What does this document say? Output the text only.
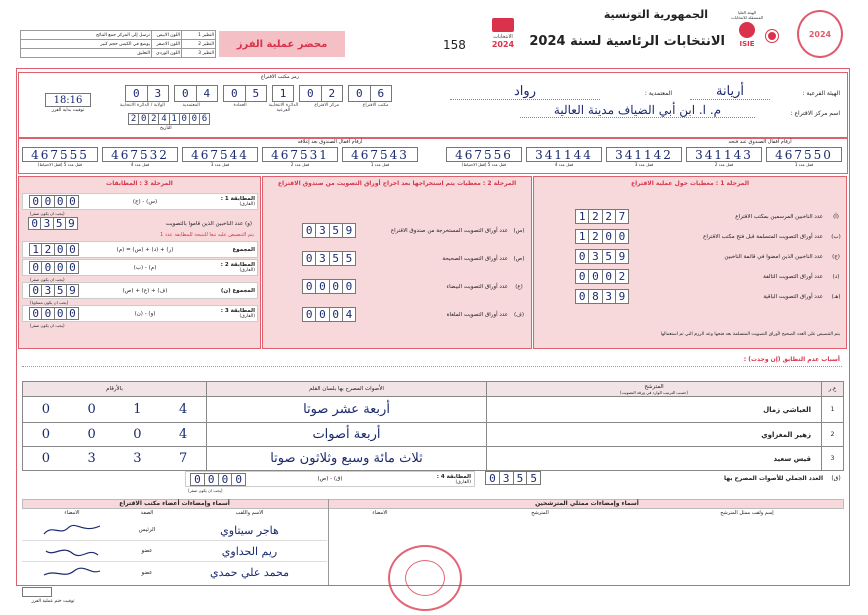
الجمهورية التونسية
الانتخابات الرئاسية لسنة 2024
158
الانتخابات
2024
الهيئة العليا المستقلة للانتخابات
ISIE
2024
محضر عملية الفرز
النظير 1	اللون الابيض	ترسل إلى المركز جمع النتائج
النظير 2	اللون الاصفر	يوضع في الكيس حجم كبير
النظير 3	اللون الوردي	التعليق
رمز مكتب الاقتراع
0	3	0	4	0	5	1	0	2	0	6
الولاية / الدائرة الانتخابية	المعتمدية	العمادة	الدائرة الانتخابية الفرعية
مركز الاقتراع	مكتب الاقتراع
18:16
توقيت بداية الفرز
2 0 2 4 1 0 0 6
التاريخ
الهيئة الفرعية :
أريانة
المعتمدية :
رواد
اسم مركز الاقتراع :
م. ا. ابن أبي الضياف مدينة العالية
أرقام أقفال الصندوق بعد إغلاقه	أرقام أقفال الصندوق عند فتحه
467555
قفل عدد 5 (قفل الاحتياط)
467532
قفل عدد 4
467544
قفل عدد 3
467531
قفل عدد 2
467543
قفل عدد 1
467556
قفل عدد 5 (قفل الاحتياط)
341144
قفل عدد 4
341142
قفل عدد 3
341143
قفل عدد 2
467550
قفل عدد 1
المرحلة 1 : معطيات حول عملية الاقتراع
1 2 2 7	عدد الناخبين المرسمين بمكتب الاقتراع	(أ)
1 2 0 0	عدد أوراق التصويت المتسلمة قبل فتح مكتب الاقتراع	(ب)
0 3 5 9	عدد الناخبين الذين امضوا في قائمة الناخبين	(ج)
0 0 0 2	عدد أوراق التصويت التالفة	(د)
0 8 3 9	عدد أوراق التصويت الباقية	(هـ)
يتم التنصيص على العدد الصحيح لأوراق التصويت المتسلمة بعد فتحها وعد الرزم التي تم استعمالها
المرحلة 2 : معطيات يتم استخراجها بعد اخراج أوراق التصويت من صندوق الاقتراع
0 3 5 9	عدد أوراق التصويت المستخرجة من صندوق الاقتراع (س)
0 3 5 5	عدد أوراق التصويت الصحيحة	(ص)
0 0 0 0	عدد أوراق التصويت البيضاء	(ع)
0 0 0 4	عدد أوراق التصويت الملغاة	(ف)
المرحلة 3 : المطابقات
0 0 0 0	(ج) - (س)	المطابقة 1 :
(الفارق)
(يجب ان يكون صفر)
0 3 5 9	(و) عدد الناخبين الذين قاموا بالتصويت
يتم التنصيص عليه تبعا للنتيجة للمطابقة عدد 1
1 2 0 0	(م) = (س) + (د) + (ر)	المجموع
0 0 0 0	(ب) - (م)	المطابقة 2 :
(الفارق)
(يجب ان يكون صفر)
0 3 5 9	(ص) + (ع) + (ف)	المجموع (ن)
(يجب ان يكون مساويا)
0 0 0 0	(ن) - (و)	المطابقة 3 :
(الفارق)
(يجب ان يكون صفر)
أسباب عدم التطابق (إن وجدت) :
ع.ر	المترشح
(حسب الترتيب الوارد في ورقة التصويت)	الأصوات المصرح بها بلسان القلم	بالأرقام
1	العياشي زمال	أربعة عشر صوتا	0 0 1 4

2	زهير المغزاوي	أربعة أصوات	0 0 0 4

3	قيس سعيد	ثلاث مائة وسبع وثلاثون صوتا	0 3 3 7
0 3 5 5	العدد الجملي للأصوات المصرح بها	(ق)
0 0 0 0	(ص) - (ق)	المطابقة 4 :
(الفارق)
(يجب ان يكون صفر)
أسماء وإمضاءات أعضاء مكتب الاقتراع	أسماء وإمضاءات ممثلي المترشحين
الامضاء	الصفة	الاسم واللقب	الامضاء	المترشح	إسم ولقب ممثل المترشح
الرئيس	هاجر سيتاوي
عضو	ريم الحداوي
عضو	محمد علي حمدي
توقيت ختم عملية الفرز
